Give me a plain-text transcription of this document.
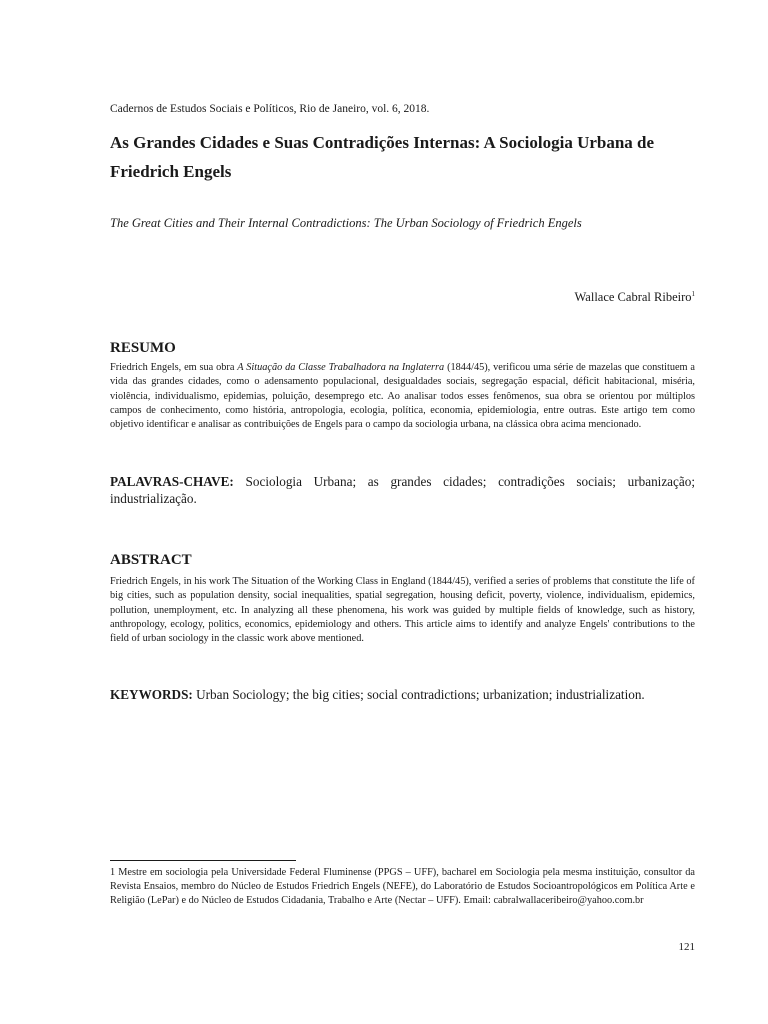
Cadernos de Estudos Sociais e Políticos, Rio de Janeiro, vol. 6, 2018.
As Grandes Cidades e Suas Contradições Internas: A Sociologia Urbana de Friedrich Engels
The Great Cities and Their Internal Contradictions: The Urban Sociology of Friedrich Engels
Wallace Cabral Ribeiro$^1$
RESUMO
Friedrich Engels, em sua obra A Situação da Classe Trabalhadora na Inglaterra (1844/45), verificou uma série de mazelas que constituem a vida das grandes cidades, como o adensamento populacional, desigualdades sociais, segregação espacial, déficit habitacional, miséria, violência, individualismo, epidemias, poluição, desemprego etc. Ao analisar todos esses fenômenos, sua obra se orientou por múltiplos campos de conhecimento, como história, antropologia, ecologia, política, economia, epidemiologia, entre outras. Este artigo tem como objetivo identificar e analisar as contribuições de Engels para o campo da sociologia urbana, na clássica obra acima mencionado.
PALAVRAS-CHAVE: Sociologia Urbana; as grandes cidades; contradições sociais; urbanização; industrialização.
ABSTRACT
Friedrich Engels, in his work The Situation of the Working Class in England (1844/45), verified a series of problems that constitute the life of big cities, such as population density, social inequalities, spatial segregation, housing deficit, poverty, violence, individualism, epidemics, pollution, unemployment, etc. In analyzing all these phenomena, his work was guided by multiple fields of knowledge, such as history, anthropology, ecology, politics, economics, epidemiology and others. This article aims to identify and analyze Engels' contributions to the field of urban sociology in the classic work above mentioned.
KEYWORDS: Urban Sociology; the big cities; social contradictions; urbanization; industrialization.
1 Mestre em sociologia pela Universidade Federal Fluminense (PPGS – UFF), bacharel em Sociologia pela mesma instituição, consultor da Revista Ensaios, membro do Núcleo de Estudos Friedrich Engels (NEFE), do Laboratório de Estudos Socioantropológicos em Política Arte e Religião (LePar) e do Núcleo de Estudos Cidadania, Trabalho e Arte (Nectar – UFF). Email: cabralwallaceribeiro@yahoo.com.br
121
